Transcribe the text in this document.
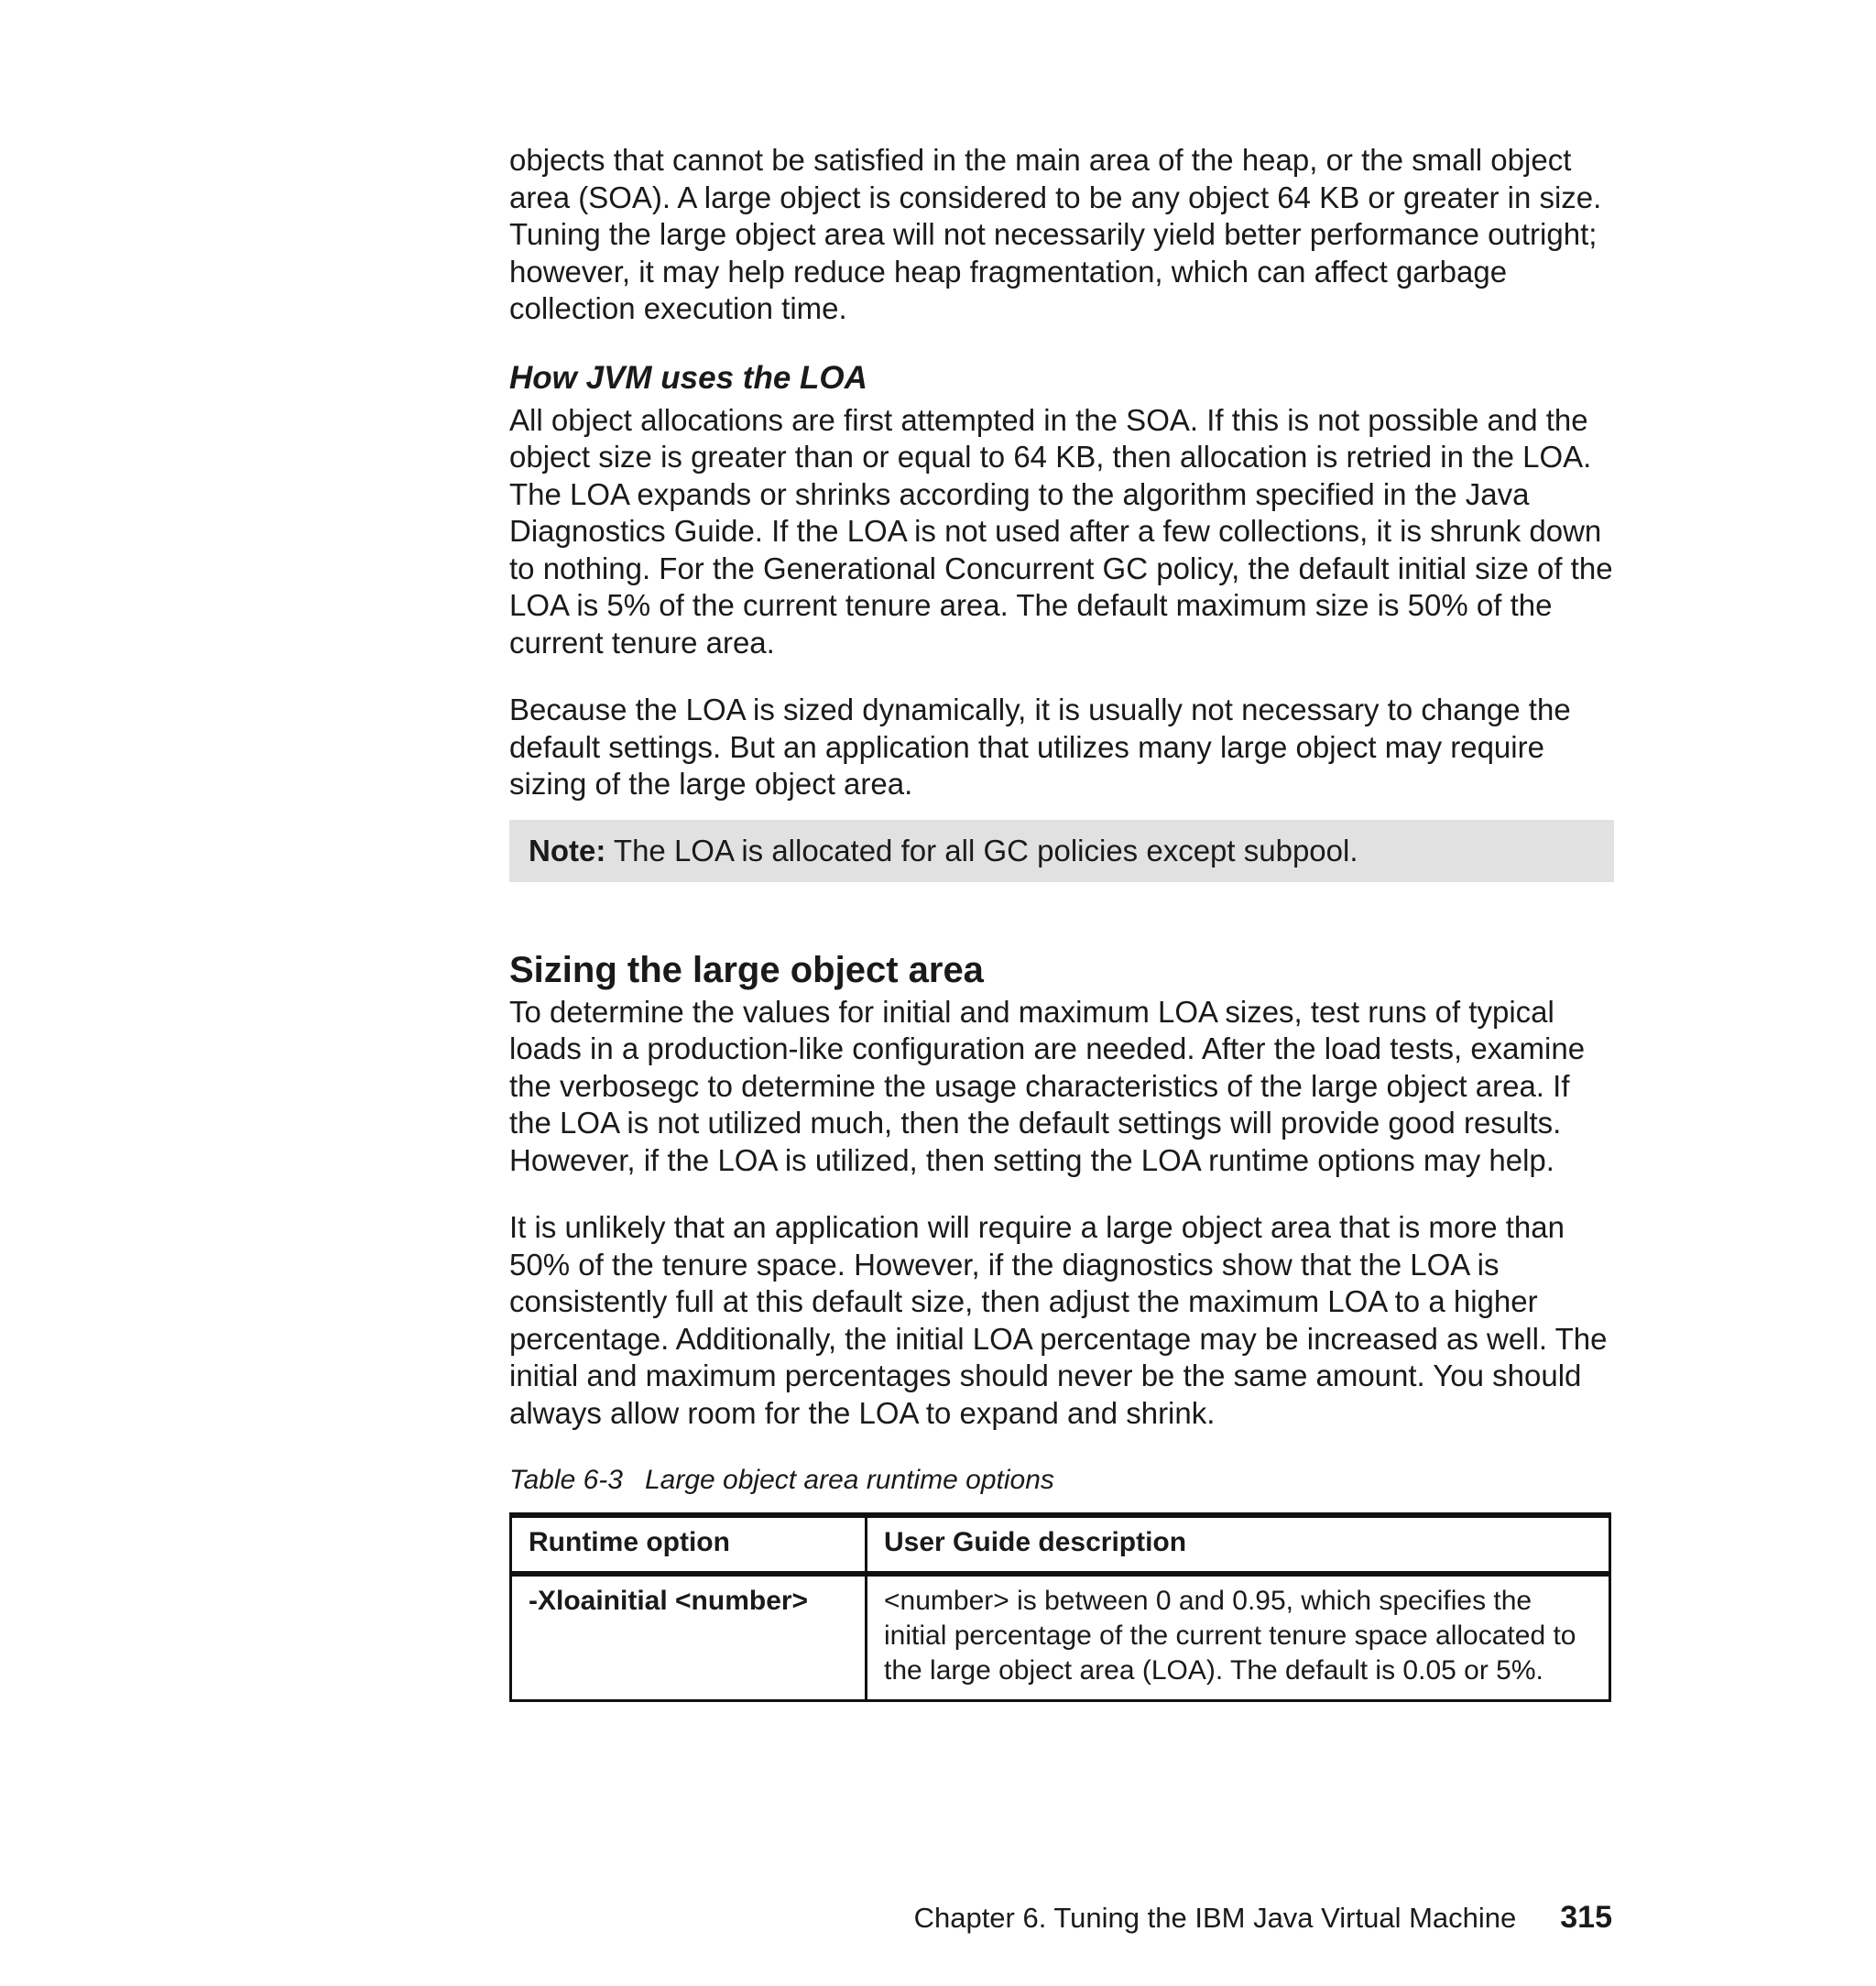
objects that cannot be satisfied in the main area of the heap, or the small object area (SOA). A large object is considered to be any object 64 KB or greater in size. Tuning the large object area will not necessarily yield better performance outright; however, it may help reduce heap fragmentation, which can affect garbage collection execution time.

How JVM uses the LOA

All object allocations are first attempted in the SOA. If this is not possible and the object size is greater than or equal to 64 KB, then allocation is retried in the LOA. The LOA expands or shrinks according to the algorithm specified in the Java Diagnostics Guide. If the LOA is not used after a few collections, it is shrunk down to nothing. For the Generational Concurrent GC policy, the default initial size of the LOA is 5% of the current tenure area. The default maximum size is 50% of the current tenure area.

Because the LOA is sized dynamically, it is usually not necessary to change the default settings. But an application that utilizes many large object may require sizing of the large object area.

Note: The LOA is allocated for all GC policies except subpool.
Sizing the large object area

To determine the values for initial and maximum LOA sizes, test runs of typical loads in a production-like configuration are needed. After the load tests, examine the verbosegc to determine the usage characteristics of the large object area. If the LOA is not utilized much, then the default settings will provide good results. However, if the LOA is utilized, then setting the LOA runtime options may help.

It is unlikely that an application will require a large object area that is more than 50% of the tenure space. However, if the diagnostics show that the LOA is consistently full at this default size, then adjust the maximum LOA to a higher percentage. Additionally, the initial LOA percentage may be increased as well. The initial and maximum percentages should never be the same amount. You should always allow room for the LOA to expand and shrink.

Table 6-3 Large object area runtime options
Runtime option	User Guide description
-Xloainitial <number>	<number> is between 0 and 0.95, which specifies the initial percentage of the current tenure space allocated to the large object area (LOA). The default is 0.05 or 5%.
Chapter 6. Tuning the IBM Java Virtual Machine 315
